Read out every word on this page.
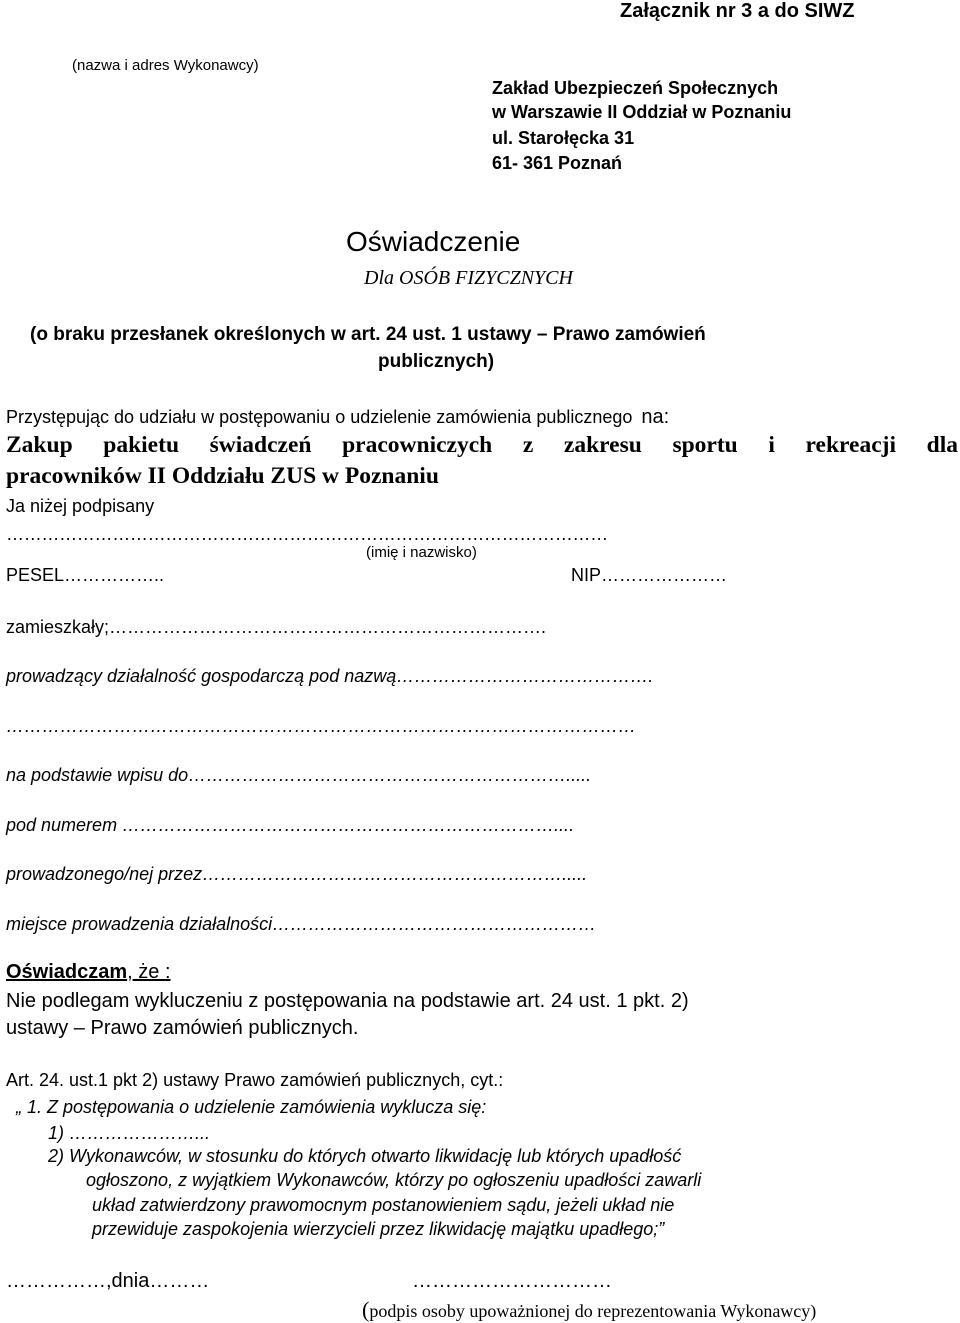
Załącznik nr 3 a do SIWZ
(nazwa i adres Wykonawcy)
Zakład Ubezpieczeń Społecznych
w Warszawie II Oddział w Poznaniu
ul. Starołęcka 31
61- 361 Poznań
Oświadczenie
Dla OSÓB FIZYCZNYCH
(o braku przesłanek określonych w art. 24 ust. 1 ustawy – Prawo zamówień
publicznych)
Przystępując do udziału w postępowaniu o udzielenie zamówienia publicznego na:
Zakup pakietu świadczeń pracowniczych z zakresu sportu i rekreacji dla
pracowników II Oddziału ZUS w Poznaniu
Ja niżej podpisany
…………………………………………………………………………………………
(imię i nazwisko)
PESEL……………..	NIP…………………
zamieszkały;……………………………………………………………….
prowadzący działalność gospodarczą pod nazwą…………………………………….
……………………………………………………………………………………………
na podstawie wpisu do……………………………………………………….....
pod numerem ………………………………………………………………....
prowadzonego/nej przez…………………………………………………….....
miejsce prowadzenia działalności………………………………………………
Oświadczam, że :
Nie podlegam wykluczeniu z postępowania na podstawie art. 24 ust. 1 pkt. 2)
ustawy – Prawo zamówień publicznych.
Art. 24. ust.1 pkt 2) ustawy Prawo zamówień publicznych, cyt.:
„ 1. Z postępowania o udzielenie zamówienia wyklucza się:
1) …………………...
2) Wykonawców, w stosunku do których otwarto likwidację lub których upadłość
ogłoszono, z wyjątkiem Wykonawców, którzy po ogłoszeniu upadłości zawarli
układ zatwierdzony prawomocnym postanowieniem sądu, jeżeli układ nie
przewiduje zaspokojenia wierzycieli przez likwidację majątku upadłego;”
……………,dnia………	…………………………
(podpis osoby upoważnionej do reprezentowania Wykonawcy)
